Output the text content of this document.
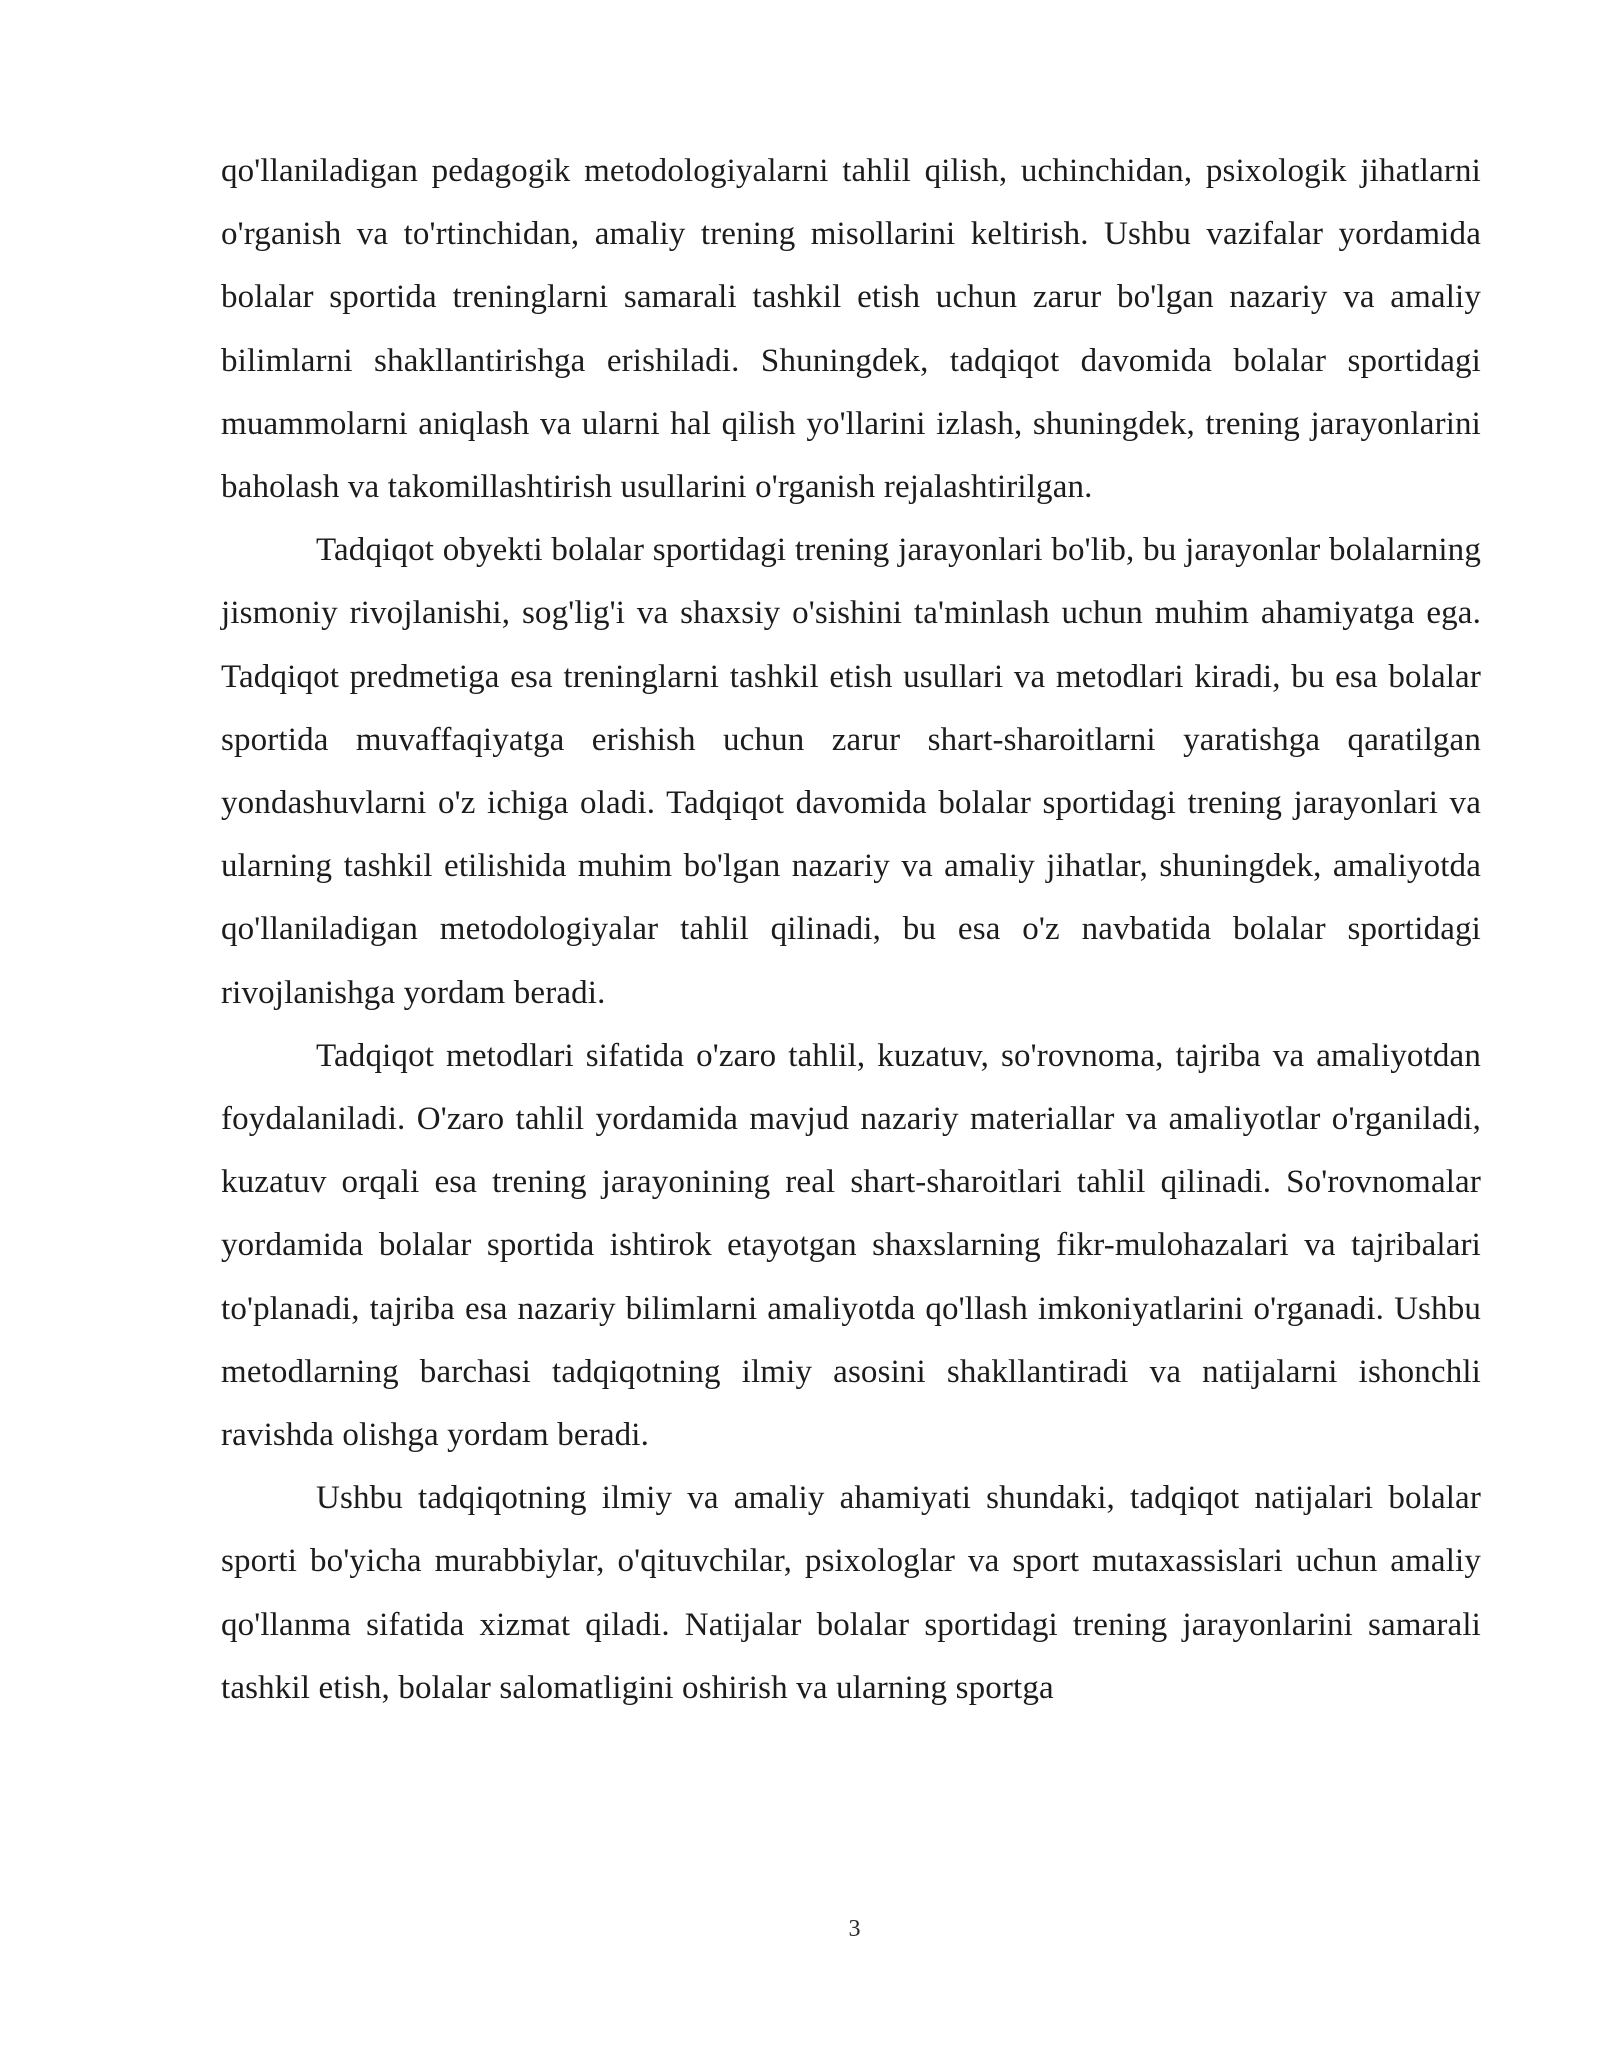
qo'llaniladigan pedagogik metodologiyalarni tahlil qilish, uchinchidan, psixologik jihatlarni o'rganish va to'rtinchidan, amaliy trening misollarini keltirish. Ushbu vazifalar yordamida bolalar sportida treninglarni samarali tashkil etish uchun zarur bo'lgan nazariy va amaliy bilimlarni shakllantirishga erishiladi. Shuningdek, tadqiqot davomida bolalar sportidagi muammolarni aniqlash va ularni hal qilish yo'llarini izlash, shuningdek, trening jarayonlarini baholash va takomillashtirish usullarini o'rganish rejalashtirilgan.

Tadqiqot obyekti bolalar sportidagi trening jarayonlari bo'lib, bu jarayonlar bolalarning jismoniy rivojlanishi, sog'lig'i va shaxsiy o'sishini ta'minlash uchun muhim ahamiyatga ega. Tadqiqot predmetiga esa treninglarni tashkil etish usullari va metodlari kiradi, bu esa bolalar sportida muvaffaqiyatga erishish uchun zarur shart-sharoitlarni yaratishga qaratilgan yondashuvlarni o'z ichiga oladi. Tadqiqot davomida bolalar sportidagi trening jarayonlari va ularning tashkil etilishida muhim bo'lgan nazariy va amaliy jihatlar, shuningdek, amaliyotda qo'llaniladigan metodologiyalar tahlil qilinadi, bu esa o'z navbatida bolalar sportidagi rivojlanishga yordam beradi.

Tadqiqot metodlari sifatida o'zaro tahlil, kuzatuv, so'rovnoma, tajriba va amaliyotdan foydalaniladi. O'zaro tahlil yordamida mavjud nazariy materiallar va amaliyotlar o'rganiladi, kuzatuv orqali esa trening jarayonining real shart-sharoitlari tahlil qilinadi. So'rovnomalar yordamida bolalar sportida ishtirok etayotgan shaxslarning fikr-mulohazalari va tajribalari to'planadi, tajriba esa nazariy bilimlarni amaliyotda qo'llash imkoniyatlarini o'rganadi. Ushbu metodlarning barchasi tadqiqotning ilmiy asosini shakllantiradi va natijalarni ishonchli ravishda olishga yordam beradi.

Ushbu tadqiqotning ilmiy va amaliy ahamiyati shundaki, tadqiqot natijalari bolalar sporti bo'yicha murabbiylar, o'qituvchilar, psixologlar va sport mutaxassislari uchun amaliy qo'llanma sifatida xizmat qiladi. Natijalar bolalar sportidagi trening jarayonlarini samarali tashkil etish, bolalar salomatligini oshirish va ularning sportga

3
